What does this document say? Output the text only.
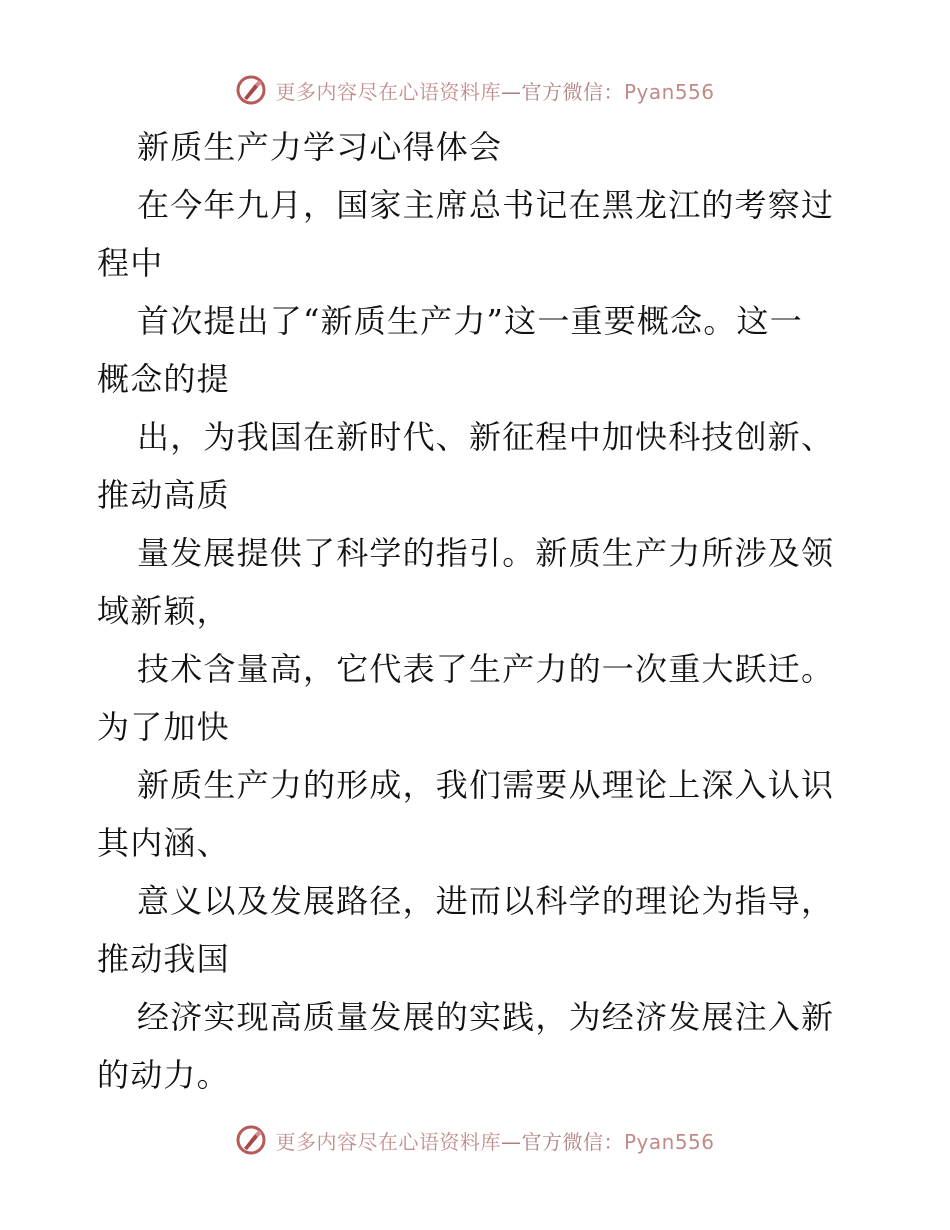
更多内容尽在心语资料库—官方微信：Pyan556
新质生产力学习心得体会
在今年九月，国家主席总书记在黑龙江的考察过
程中
首次提出了“新质生产力”这一重要概念。这一
概念的提
出，为我国在新时代、新征程中加快科技创新、
推动高质
量发展提供了科学的指引。新质生产力所涉及领
域新颖，
技术含量高，它代表了生产力的一次重大跃迁。
为了加快
新质生产力的形成，我们需要从理论上深入认识
其内涵、
意义以及发展路径，进而以科学的理论为指导，
推动我国
经济实现高质量发展的实践，为经济发展注入新
的动力。
更多内容尽在心语资料库—官方微信：Pyan556
